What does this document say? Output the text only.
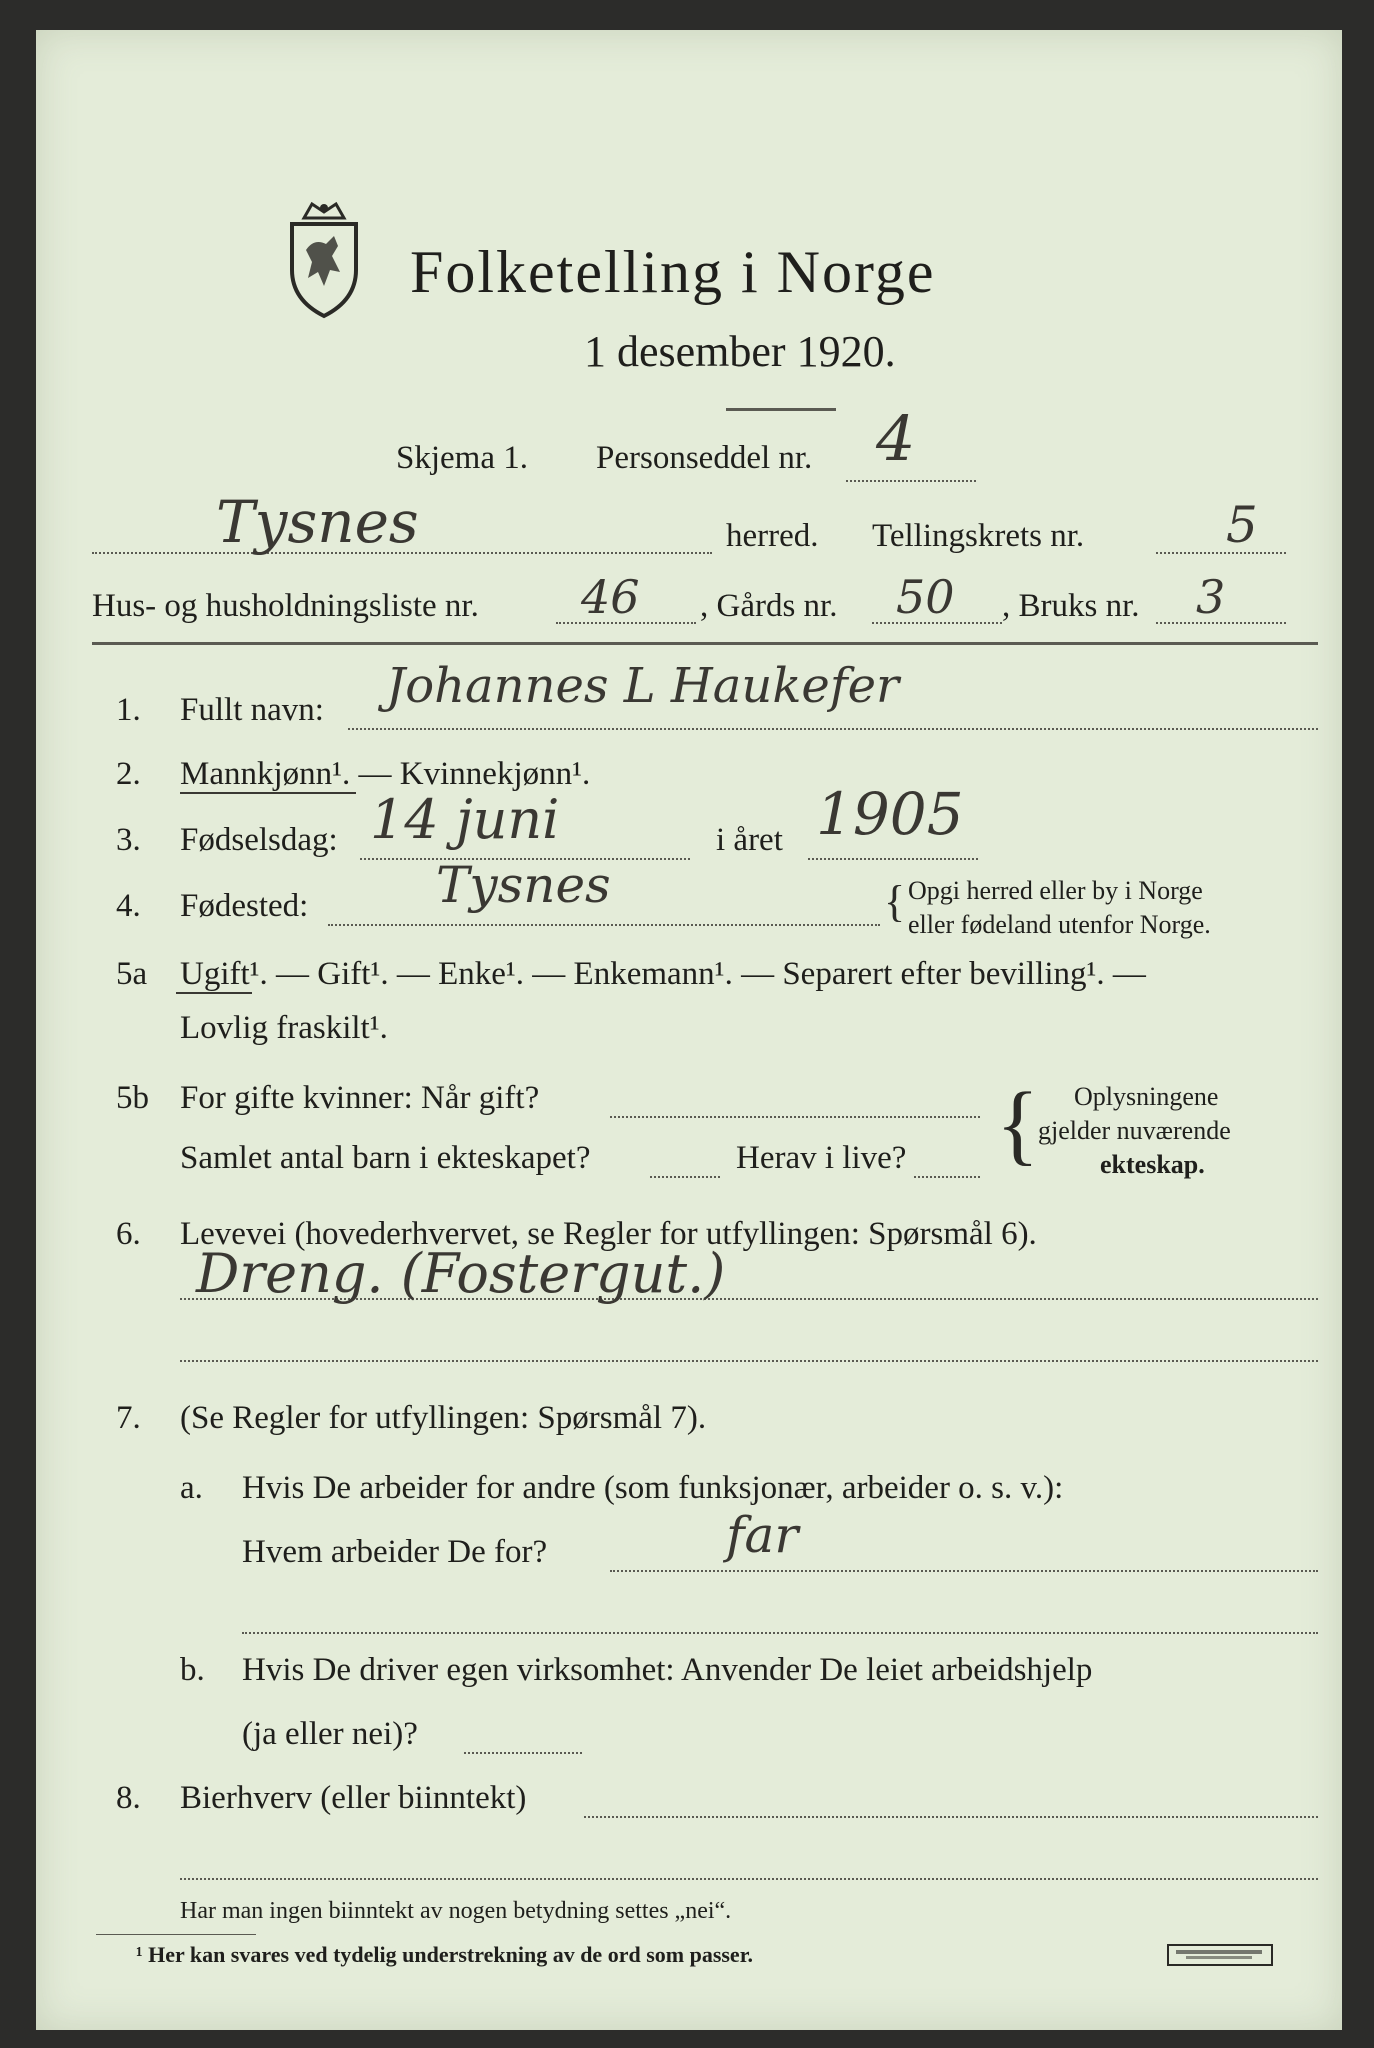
Folketelling i Norge
1 desember 1920.
Skjema 1. Personseddel nr. 4
Tysnes	herred. Tellingskrets nr.	5
Hus- og husholdningsliste nr. 46 , Gårds nr. 50 , Bruks nr. 3
1. Fullt navn: Johannes L Haukefer
2. Mannkjønn¹. — Kvinnekjønn¹.
3. Fødselsdag: 14 juni	i året 1905
4. Fødested:	Tysnes	{ Opgi herred eller by i Norge
eller fødeland utenfor Norge.
5a Ugift¹. — Gift¹. — Enke¹. — Enkemann¹. — Separert efter bevilling¹. —
Lovlig fraskilt¹.
5b For gifte kvinner: Når gift?
Samlet antal barn i ekteskapet?	Herav i live? { Oplysningene
gjelder nuværende
ekteskap.
6. Levevei (hovederhvervet, se Regler for utfyllingen: Spørsmål 6).
Dreng. (Fostergut.)
7. (Se Regler for utfyllingen: Spørsmål 7).
a. Hvis De arbeider for andre (som funksjonær, arbeider o. s. v.):
Hvem arbeider De for?	far
b. Hvis De driver egen virksomhet: Anvender De leiet arbeidshjelp
(ja eller nei)?
8. Bierhverv (eller biinntekt)
Har man ingen biinntekt av nogen betydning settes „nei“.
¹ Her kan svares ved tydelig understrekning av de ord som passer.
